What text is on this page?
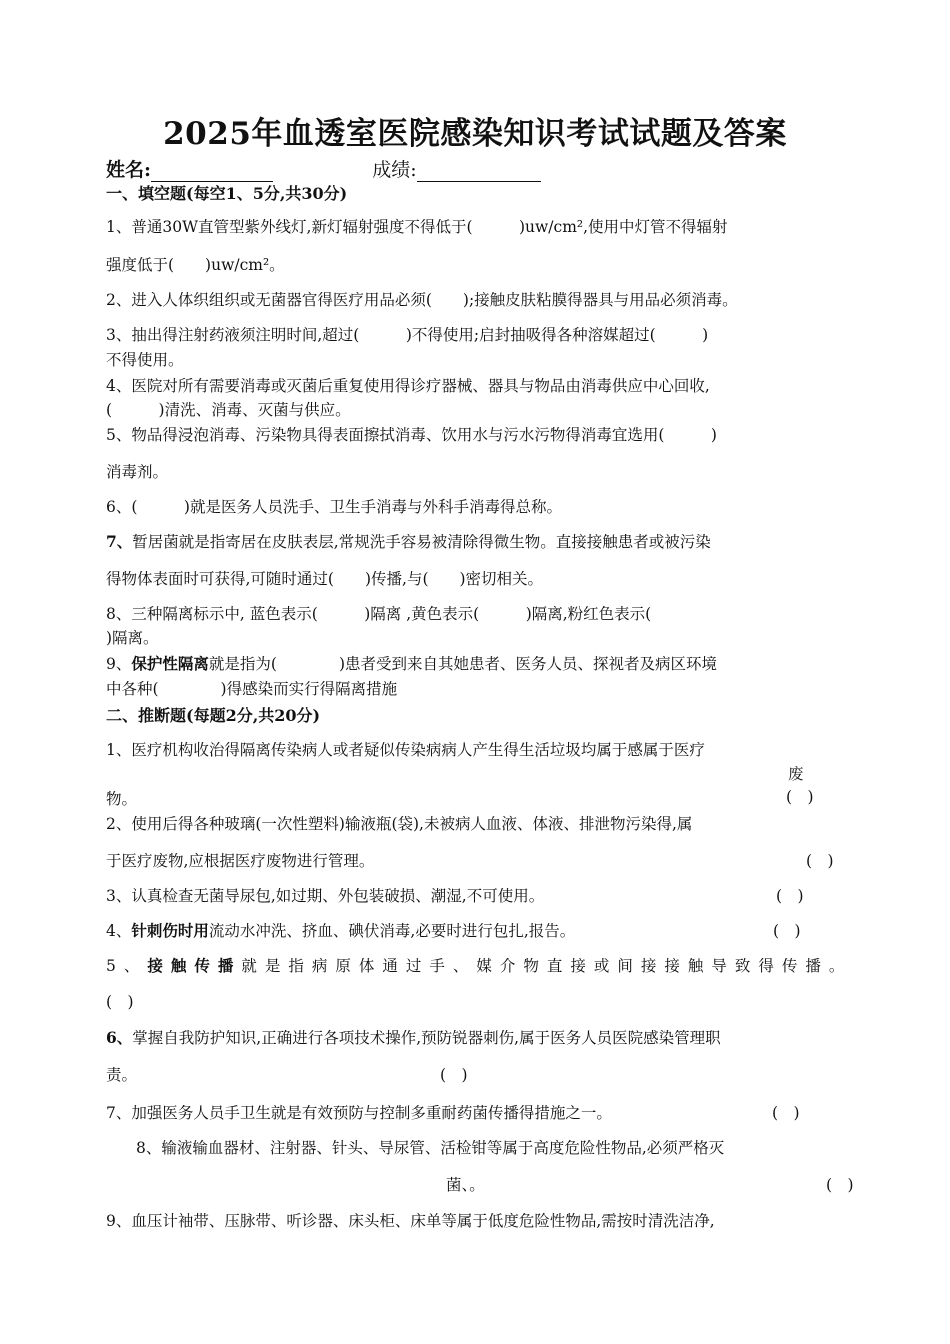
2025年血透室医院感染知识考试试题及答案
姓名:	成绩:
一、填空题(每空1、5分,共30分)
1、普通30W直管型紫外线灯,新灯辐射强度不得低于(　　　)uw/cm²,使用中灯管不得辐射
强度低于(　　)uw/cm²。
2、进入人体织组织或无菌器官得医疗用品必须(　　);接触皮肤粘膜得器具与用品必须消毒。
3、抽出得注射药液须注明时间,超过(　　　)不得使用;启封抽吸得各种溶媒超过(　　　)
不得使用。
4、医院对所有需要消毒或灭菌后重复使用得诊疗器械、器具与物品由消毒供应中心回收,
(　　　)清洗、消毒、灭菌与供应。
5、物品得浸泡消毒、污染物具得表面擦拭消毒、饮用水与污水污物得消毒宜选用(　　　)
消毒剂。
6、(　　　)就是医务人员洗手、卫生手消毒与外科手消毒得总称。
7、暂居菌就是指寄居在皮肤表层,常规洗手容易被清除得微生物。直接接触患者或被污染
得物体表面时可获得,可随时通过(　　)传播,与(　　)密切相关。
8、三种隔离标示中, 蓝色表示(　　　)隔离 ,黄色表示(　　　)隔离,粉红色表示(
)隔离。
9、保护性隔离就是指为(　　　　)患者受到来自其她患者、医务人员、探视者及病区环境
中各种(　　　　)得感染而实行得隔离措施
二、推断题(每题2分,共20分)
1、医疗机构收治得隔离传染病人或者疑似传染病病人产生得生活垃圾均属于感属于医疗
废
物。	(　)
2、使用后得各种玻璃(一次性塑料)输液瓶(袋),未被病人血液、体液、排泄物污染得,属
于医疗废物,应根据医疗废物进行管理。	(　)
3、认真检查无菌导尿包,如过期、外包装破损、潮湿,不可使用。	(　)
4、针刺伤时用流动水冲洗、挤血、碘伏消毒,必要时进行包扎,报告。	(　)
5、接触传播就是指病原体通过手、媒介物直接或间接接触导致得传播。
(　)
6、掌握自我防护知识,正确进行各项技术操作,预防锐器刺伤,属于医务人员医院感染管理职
责。	(　)
7、加强医务人员手卫生就是有效预防与控制多重耐药菌传播得措施之一。	(　)
8、输液输血器材、注射器、针头、导尿管、活检钳等属于高度危险性物品,必须严格灭
菌、。	(　)
9、血压计袖带、压脉带、听诊器、床头柜、床单等属于低度危险性物品,需按时清洗洁净,
